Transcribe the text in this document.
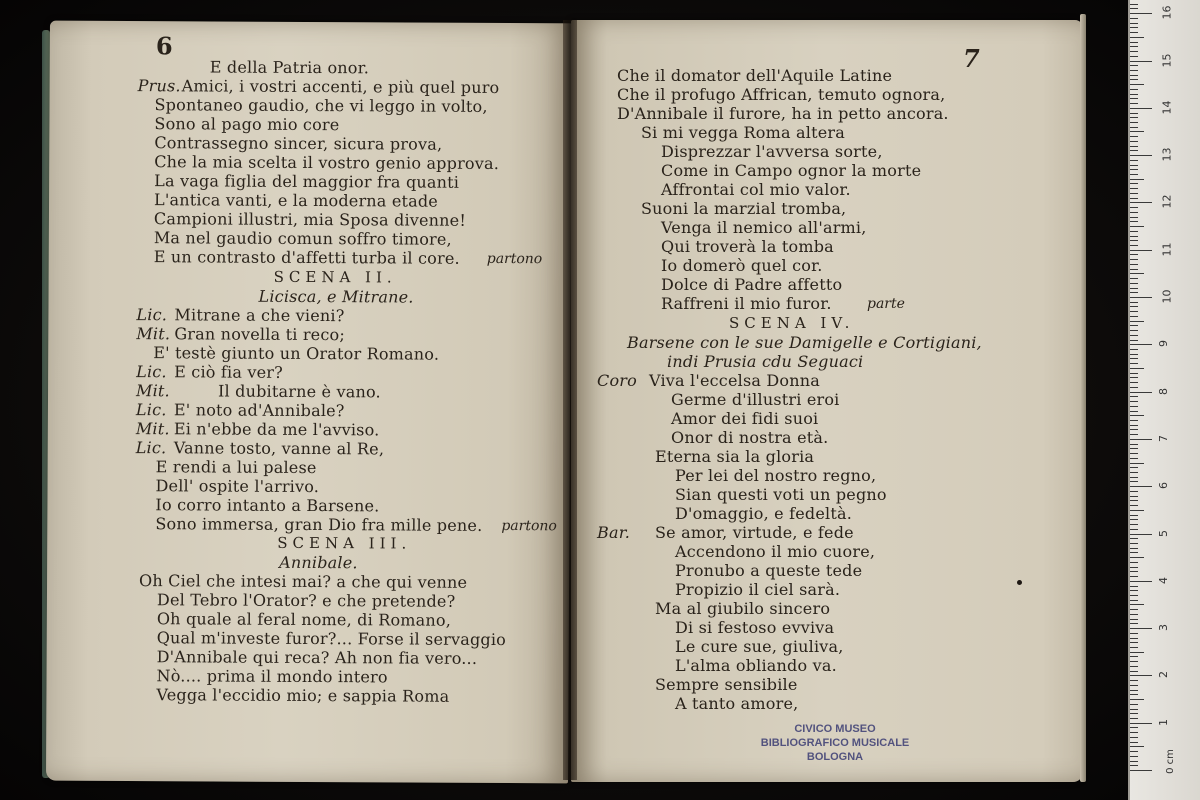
6
E della Patria onor.
Prus. Amici, i vostri accenti, e più quel puro
Spontaneo gaudio, che vi leggo in volto,
Sono al pago mio core
Contrassegno sincer, sicura prova,
Che la mia scelta il vostro genio approva.
La vaga figlia del maggior fra quanti
L'antica vanti, e la moderna etade
Campioni illustri, mia Sposa divenne!
Ma nel gaudio comun soffro timore,
E un contrasto d'affetti turba il core.
SCENA II.
Licisca, e Mitrane.
Lic. Mitrane a che vieni?
Mit. Gran novella ti reco;
E' testè giunto un Orator Romano.
Lic. E ciò fia ver?
Mit.	Il dubitarne è vano.
Lic. E' noto ad'Annibale?
Mit. Ei n'ebbe da me l'avviso.
Lic. Vanne tosto, vanne al Re,
E rendi a lui palese
Dell' ospite l'arrivo.
Io corro intanto a Barsene.
Sono immersa, gran Dio fra mille pene.
SCENA III.
Annibale.
Oh Ciel che intesi mai? a che qui venne
Del Tebro l'Orator? e che pretende?
Oh quale al feral nome, di Romano,
Qual m'investe furor?... Forse il servaggio
D'Annibale qui reca? Ah non fia vero...
Nò.... prima il mondo intero
Vegga l'eccidio mio; e sappia Roma
partono
partono
7
Che il domator dell'Aquile Latine
Che il profugo Affrican, temuto ognora,
D'Annibale il furore, ha in petto ancora.
Si mi vegga Roma altera
Disprezzar l'avversa sorte,
Come in Campo ognor la morte
Affrontai col mio valor.
Suoni la marzial tromba,
Venga il nemico all'armi,
Qui troverà la tomba
Io domerò quel cor.
Dolce di Padre affetto
Raffreni il mio furor.
SCENA IV.
Barsene con le sue Damigelle e Cortigiani,
indi Prusia cdu Seguaci
Coro Viva l'eccelsa Donna
Germe d'illustri eroi
Amor dei fidi suoi
Onor di nostra età.
Eterna sia la gloria
Per lei del nostro regno,
Sian questi voti un pegno
D'omaggio, e fedeltà.
Bar. Se amor, virtude, e fede
Accendono il mio cuore,
Pronubo a queste tede
Propizio il ciel sarà.
Ma al giubilo sincero
Di si festoso evviva
Le cure sue, giuliva,
L'alma obliando va.
Sempre sensibile
A tanto amore,
parte
CIVICO MUSEO
BIBLIOGRAFICO MUSICALE
BOLOGNA
1
2
3
4
5
6
7
8
9
10
11
12
13
14
15
16
0 cm
